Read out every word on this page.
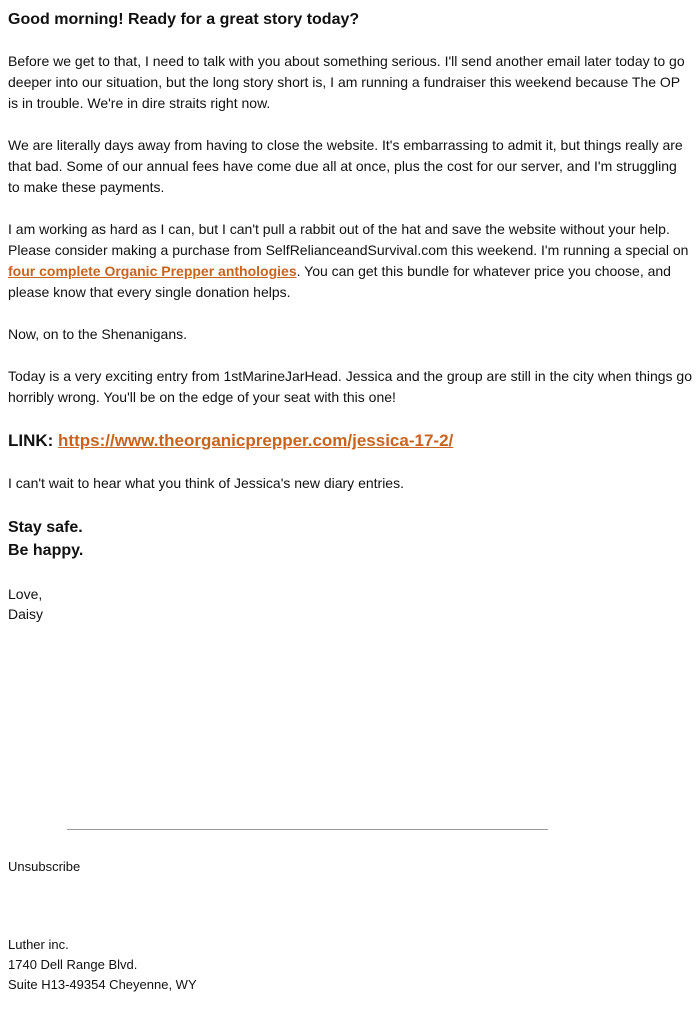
Good morning! Ready for a great story today?

Before we get to that, I need to talk with you about something serious. I'll send another email later today to go deeper into our situation, but the long story short is, I am running a fundraiser this weekend because The OP is in trouble. We're in dire straits right now.

We are literally days away from having to close the website. It's embarrassing to admit it, but things really are that bad. Some of our annual fees have come due all at once, plus the cost for our server, and I'm struggling to make these payments.

I am working as hard as I can, but I can't pull a rabbit out of the hat and save the website without your help. Please consider making a purchase from SelfRelianceandSurvival.com this weekend. I'm running a special on four complete Organic Prepper anthologies. You can get this bundle for whatever price you choose, and please know that every single donation helps.

Now, on to the Shenanigans.

Today is a very exciting entry from 1stMarineJarHead. Jessica and the group are still in the city when things go horribly wrong. You'll be on the edge of your seat with this one!

LINK: https://www.theorganicprepper.com/jessica-17-2/

I can't wait to hear what you think of Jessica's new diary entries.

Stay safe.
Be happy.
Love,
Daisy
Unsubscribe
Luther inc.
1740 Dell Range Blvd.
Suite H13-49354 Cheyenne, WY
